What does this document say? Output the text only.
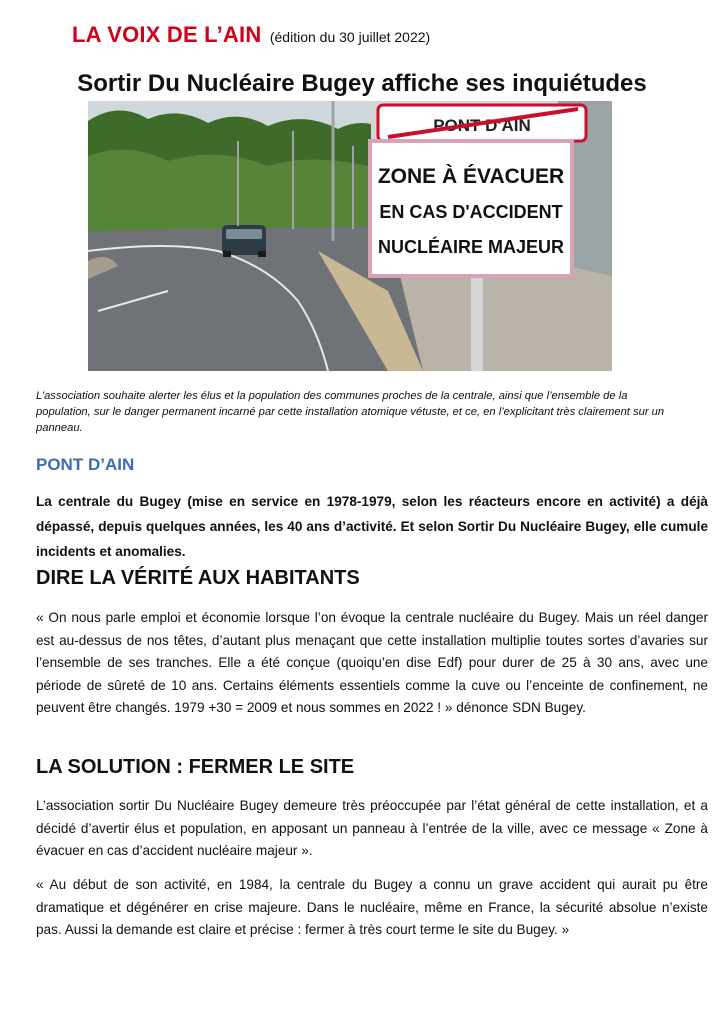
LA VOIX DE L’AIN (édition du 30 juillet 2022)
Sortir Du Nucléaire Bugey affiche ses inquiétudes
PONT D'AIN
ZONE À ÉVACUER
EN CAS D'ACCIDENT
NUCLÉAIRE MAJEUR
L’association souhaite alerter les élus et la population des communes proches de la centrale, ainsi que l’ensemble de la population, sur le danger permanent incarné par cette installation atomique vétuste, et ce, en l’explicitant très clairement sur un panneau.
PONT D’AIN
La centrale du Bugey (mise en service en 1978-1979, selon les réacteurs encore en activité) a déjà dépassé, depuis quelques années, les 40 ans d’activité. Et selon Sortir Du Nucléaire Bugey, elle cumule incidents et anomalies.
DIRE LA VÉRITÉ AUX HABITANTS
« On nous parle emploi et économie lorsque l’on évoque la centrale nucléaire du Bugey. Mais un réel danger est au-dessus de nos têtes, d’autant plus menaçant que cette installation multiplie toutes sortes d’avaries sur l’ensemble de ses tranches. Elle a été conçue (quoiqu’en dise Edf) pour durer de 25 à 30 ans, avec une période de sûreté de 10 ans. Certains éléments essentiels comme la cuve ou l’enceinte de confinement, ne peuvent être changés. 1979 +30 = 2009 et nous sommes en 2022 ! » dénonce SDN Bugey.
LA SOLUTION : FERMER LE SITE
L’association sortir Du Nucléaire Bugey demeure très préoccupée par l’état général de cette installation, et a décidé d’avertir élus et population, en apposant un panneau à l’entrée de la ville, avec ce message « Zone à évacuer en cas d’accident nucléaire majeur ».
« Au début de son activité, en 1984, la centrale du Bugey a connu un grave accident qui aurait pu être dramatique et dégénérer en crise majeure. Dans le nucléaire, même en France, la sécurité absolue n’existe pas. Aussi la demande est claire et précise : fermer à très court terme le site du Bugey. »
